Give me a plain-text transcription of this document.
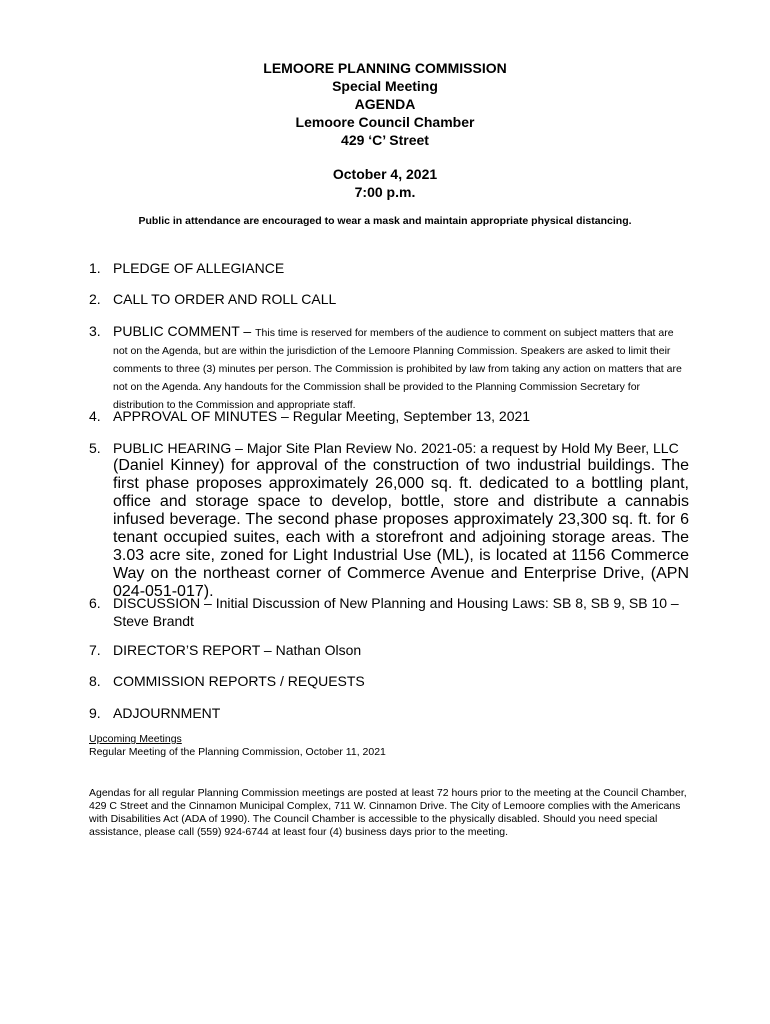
LEMOORE PLANNING COMMISSION
Special Meeting
AGENDA
Lemoore Council Chamber
429 ‘C’ Street
October 4, 2021
7:00 p.m.
Public in attendance are encouraged to wear a mask and maintain appropriate physical distancing.
1. PLEDGE OF ALLEGIANCE
2. CALL TO ORDER AND ROLL CALL
3. PUBLIC COMMENT – This time is reserved for members of the audience to comment on subject matters that are not on the Agenda, but are within the jurisdiction of the Lemoore Planning Commission. Speakers are asked to limit their comments to three (3) minutes per person. The Commission is prohibited by law from taking any action on matters that are not on the Agenda. Any handouts for the Commission shall be provided to the Planning Commission Secretary for distribution to the Commission and appropriate staff.
4. APPROVAL OF MINUTES – Regular Meeting, September 13, 2021
5. PUBLIC HEARING – Major Site Plan Review No. 2021-05: a request by Hold My Beer, LLC
(Daniel Kinney) for approval of the construction of two industrial buildings. The first phase proposes approximately 26,000 sq. ft. dedicated to a bottling plant, office and storage space to develop, bottle, store and distribute a cannabis infused beverage. The second phase proposes approximately 23,300 sq. ft. for 6 tenant occupied suites, each with a storefront and adjoining storage areas. The 3.03 acre site, zoned for Light Industrial Use (ML), is located at 1156 Commerce Way on the northeast corner of Commerce Avenue and Enterprise Drive, (APN 024-051-017).
6. DISCUSSION – Initial Discussion of New Planning and Housing Laws: SB 8, SB 9, SB 10 – Steve Brandt
7. DIRECTOR’S REPORT – Nathan Olson
8. COMMISSION REPORTS / REQUESTS
9. ADJOURNMENT
Upcoming Meetings
Regular Meeting of the Planning Commission, October 11, 2021
Agendas for all regular Planning Commission meetings are posted at least 72 hours prior to the meeting at the Council Chamber, 429 C Street and the Cinnamon Municipal Complex, 711 W. Cinnamon Drive. The City of Lemoore complies with the Americans with Disabilities Act (ADA of 1990). The Council Chamber is accessible to the physically disabled. Should you need special assistance, please call (559) 924-6744 at least four (4) business days prior to the meeting.
